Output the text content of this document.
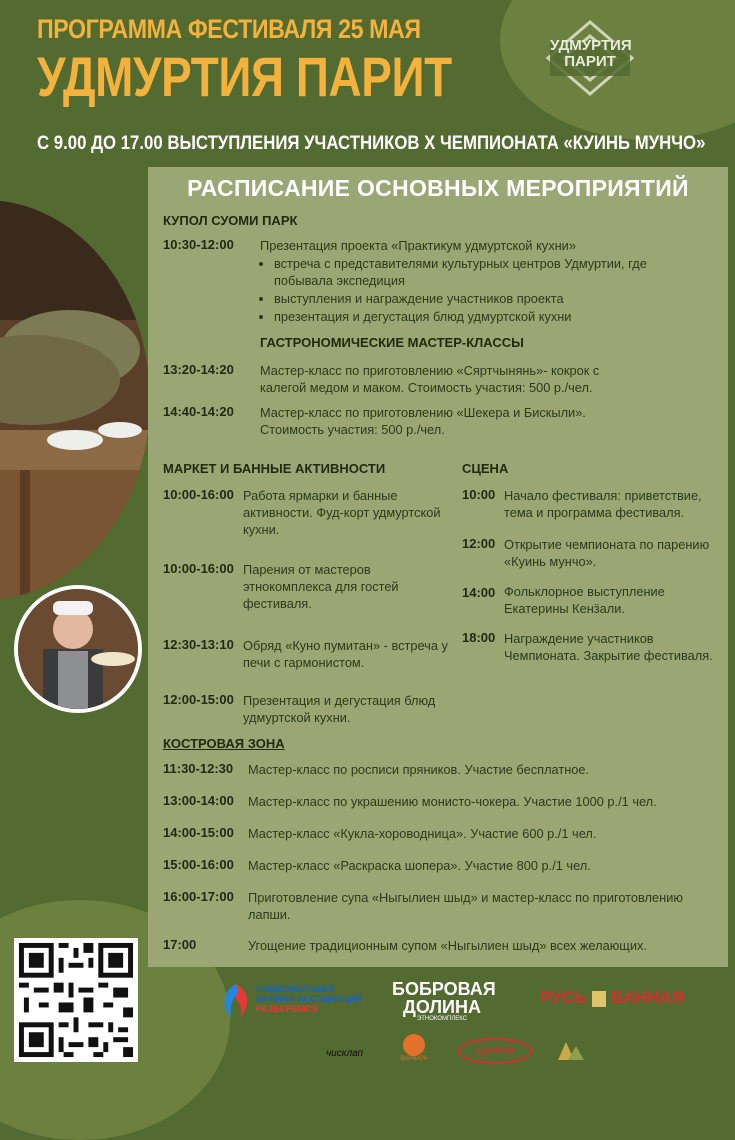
ПРОГРАММА ФЕСТИВАЛЯ 25 МАЯ
УДМУРТИЯ ПАРИТ	УДМУРТИЯ
ПАРИТ
С 9.00 ДО 17.00 ВЫСТУПЛЕНИЯ УЧАСТНИКОВ X ЧЕМПИОНАТА «КУИНЬ МУНЧО»
РАСПИСАНИЕ ОСНОВНЫХ МЕРОПРИЯТИЙ
КУПОЛ СУОМИ ПАРК
10:30-12:00 Презентация проекта «Практикум удмуртской кухни»
• встреча с представителями культурных центров Удмуртии, где побывала экспедиция
• выступления и награждение участников проекта
• презентация и дегустация блюд удмуртской кухни
ГАСТРОНОМИЧЕСКИЕ МАСТЕР-КЛАССЫ
13:20-14:20 Мастер-класс по приготовлению «Сяртчынянь»- кокрок с калегой медом и маком. Стоимость участия: 500 р./чел.
14:40-14:20 Мастер-класс по приготовлению «Шекера и Бискыли». Стоимость участия: 500 р./чел.
МАРКЕТ И БАННЫЕ АКТИВНОСТИ
10:00-16:00 Работа ярмарки и банные активности. Фуд-корт удмуртской кухни.
10:00-16:00 Парения от мастеров этнокомплекса для гостей фестиваля.
12:30-13:10 Обряд «Куно пумитан» - встреча у печи с гармонистом.
12:00-15:00 Презентация и дегустация блюд удмуртской кухни.
СЦЕНА
10:00 Начало фестиваля: приветствие, тема и программа фестиваля.
12:00 Открытие чемпионата по парению «Куинь мунчо».
14:00 Фольклорное выступление Екатерины Кенӟали.
18:00 Награждение участников Чемпионата. Закрытие фестиваля.
КОСТРОВАЯ ЗОНА
11:30-12:30 Мастер-класс по росписи пряников. Участие бесплатное.
13:00-14:00 Мастер-класс по украшению монисто-чокера. Участие 1000 р./1 чел.
14:00-15:00 Мастер-класс «Кукла-хороводница». Участие 600 р./1 чел.
15:00-16:00 Мастер-класс «Раскраска шопера». Участие 800 р./1 чел.
16:00-17:00 Приготовление супа «Ныгылиен шыд» и мастер-класс по приготовлению лапши.
17:00	Угощение традиционным супом «Ныгылиен шыд» всех желающих.
НАЦИОНАЛЬНАЯ
БАННАЯ АССОЦИАЦИЯ
РАЗБЕРЕМСЯ
БОБРОВАЯ
ДОЛИНА
ЭТНОКОМПЛЕКС
РУСЬ БАННАЯ
чисклап	ВАРВАРА
УДМУРТИЯ
